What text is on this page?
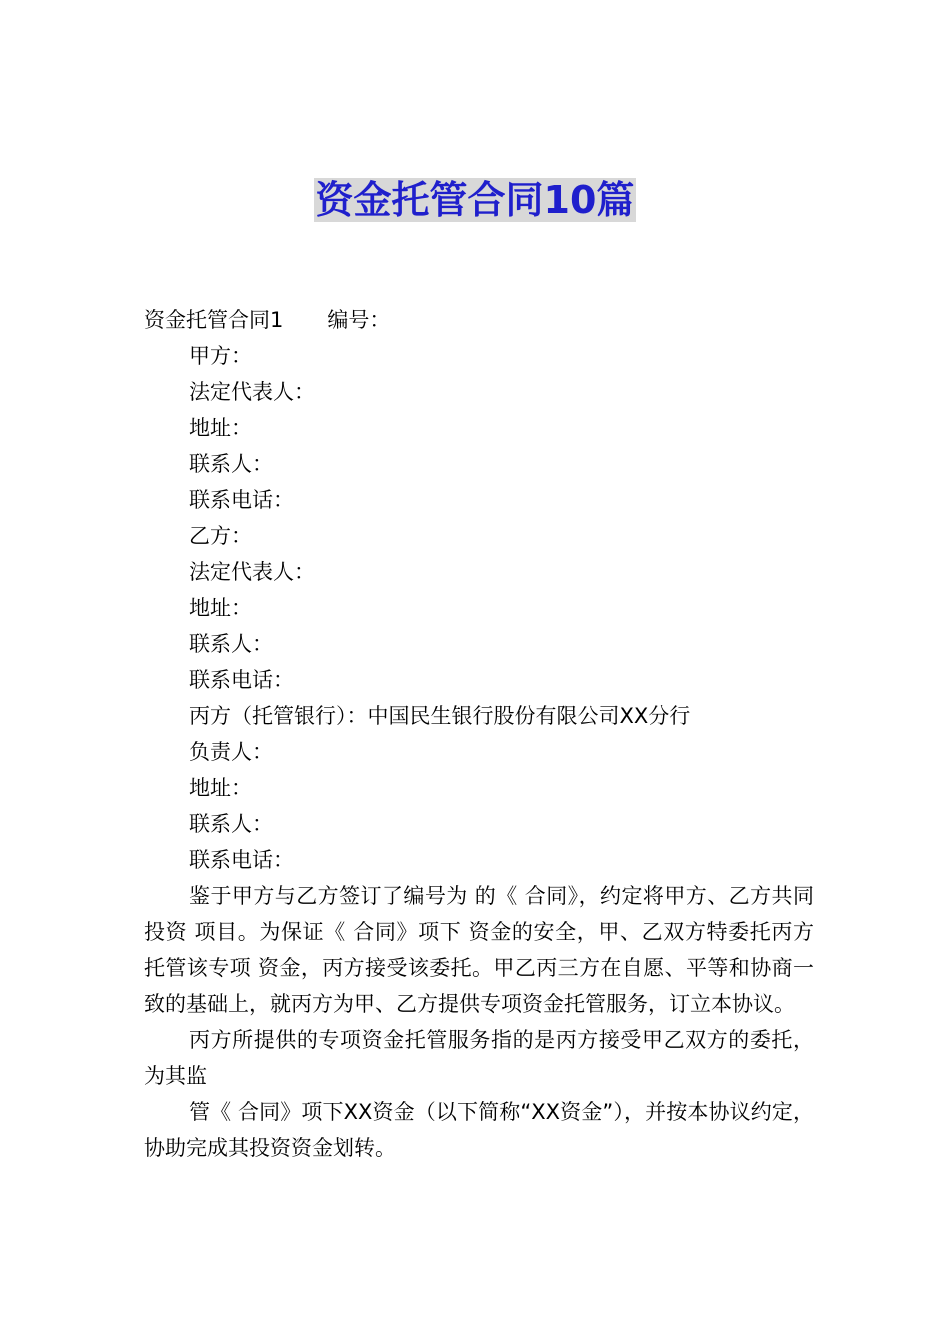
资金托管合同10篇

资金托管合同1 编号：

甲方：

法定代表人：

地址：

联系人：

联系电话：

乙方：

法定代表人：

地址：

联系人：

联系电话：

丙方（托管银行）：中国民生银行股份有限公司XX分行

负责人：

地址：

联系人：

联系电话：

鉴于甲方与乙方签订了编号为 的《 合同》，约定将甲方、乙方共同投资 项目。为保证《 合同》项下 资金的安全，甲、乙双方特委托丙方托管该专项 资金，丙方接受该委托。甲乙丙三方在自愿、平等和协商一致的基础上，就丙方为甲、乙方提供专项资金托管服务，订立本协议。

丙方所提供的专项资金托管服务指的是丙方接受甲乙双方的委托，为其监

管《 合同》项下XX资金（以下简称“XX资金”），并按本协议约定，协助完成其投资资金划转。
